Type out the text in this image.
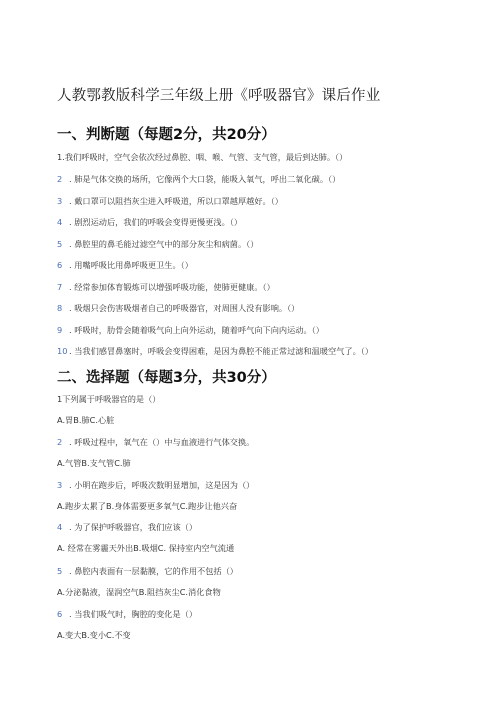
人教鄂教版科学三年级上册《呼吸器官》课后作业
一、判断题（每题2分，共20分）
1.我们呼吸时，空气会依次经过鼻腔、咽、喉、气管、支气管，最后到达肺。（）
2 . 肺是气体交换的场所，它像两个大口袋，能吸入氧气，呼出二氧化碳。（）
3 . 戴口罩可以阻挡灰尘进入呼吸道，所以口罩越厚越好。（）
4 . 剧烈运动后，我们的呼吸会变得更慢更浅。（）
5 . 鼻腔里的鼻毛能过滤空气中的部分灰尘和病菌。（）
6 . 用嘴呼吸比用鼻呼吸更卫生。（）
7 . 经常参加体育锻炼可以增强呼吸功能，使肺更健康。（）
8 . 吸烟只会伤害吸烟者自己的呼吸器官，对周围人没有影响。（）
9 . 呼吸时，肋骨会随着吸气向上向外运动，随着呼气向下向内运动。（）
10 . 当我们感冒鼻塞时，呼吸会变得困难，是因为鼻腔不能正常过滤和温暖空气了。（）
1下列属于呼吸器官的是（）
A.胃B.肺C.心脏
2 . 呼吸过程中，氧气在（）中与血液进行气体交换。
A.气管B.支气管C.肺
3 . 小明在跑步后，呼吸次数明显增加，这是因为（）
A.跑步太累了B.身体需要更多氧气C.跑步让他兴奋
4 . 为了保护呼吸器官，我们应该（）
A. 经常在雾霾天外出B.吸烟C. 保持室内空气流通
5 . 鼻腔内表面有一层黏膜，它的作用不包括（）
A.分泌黏液，湿润空气B.阻挡灰尘C.消化食物
6 . 当我们吸气时，胸腔的变化是（）
A.变大B.变小C.不变
二、选择题（每题3分，共30分）
